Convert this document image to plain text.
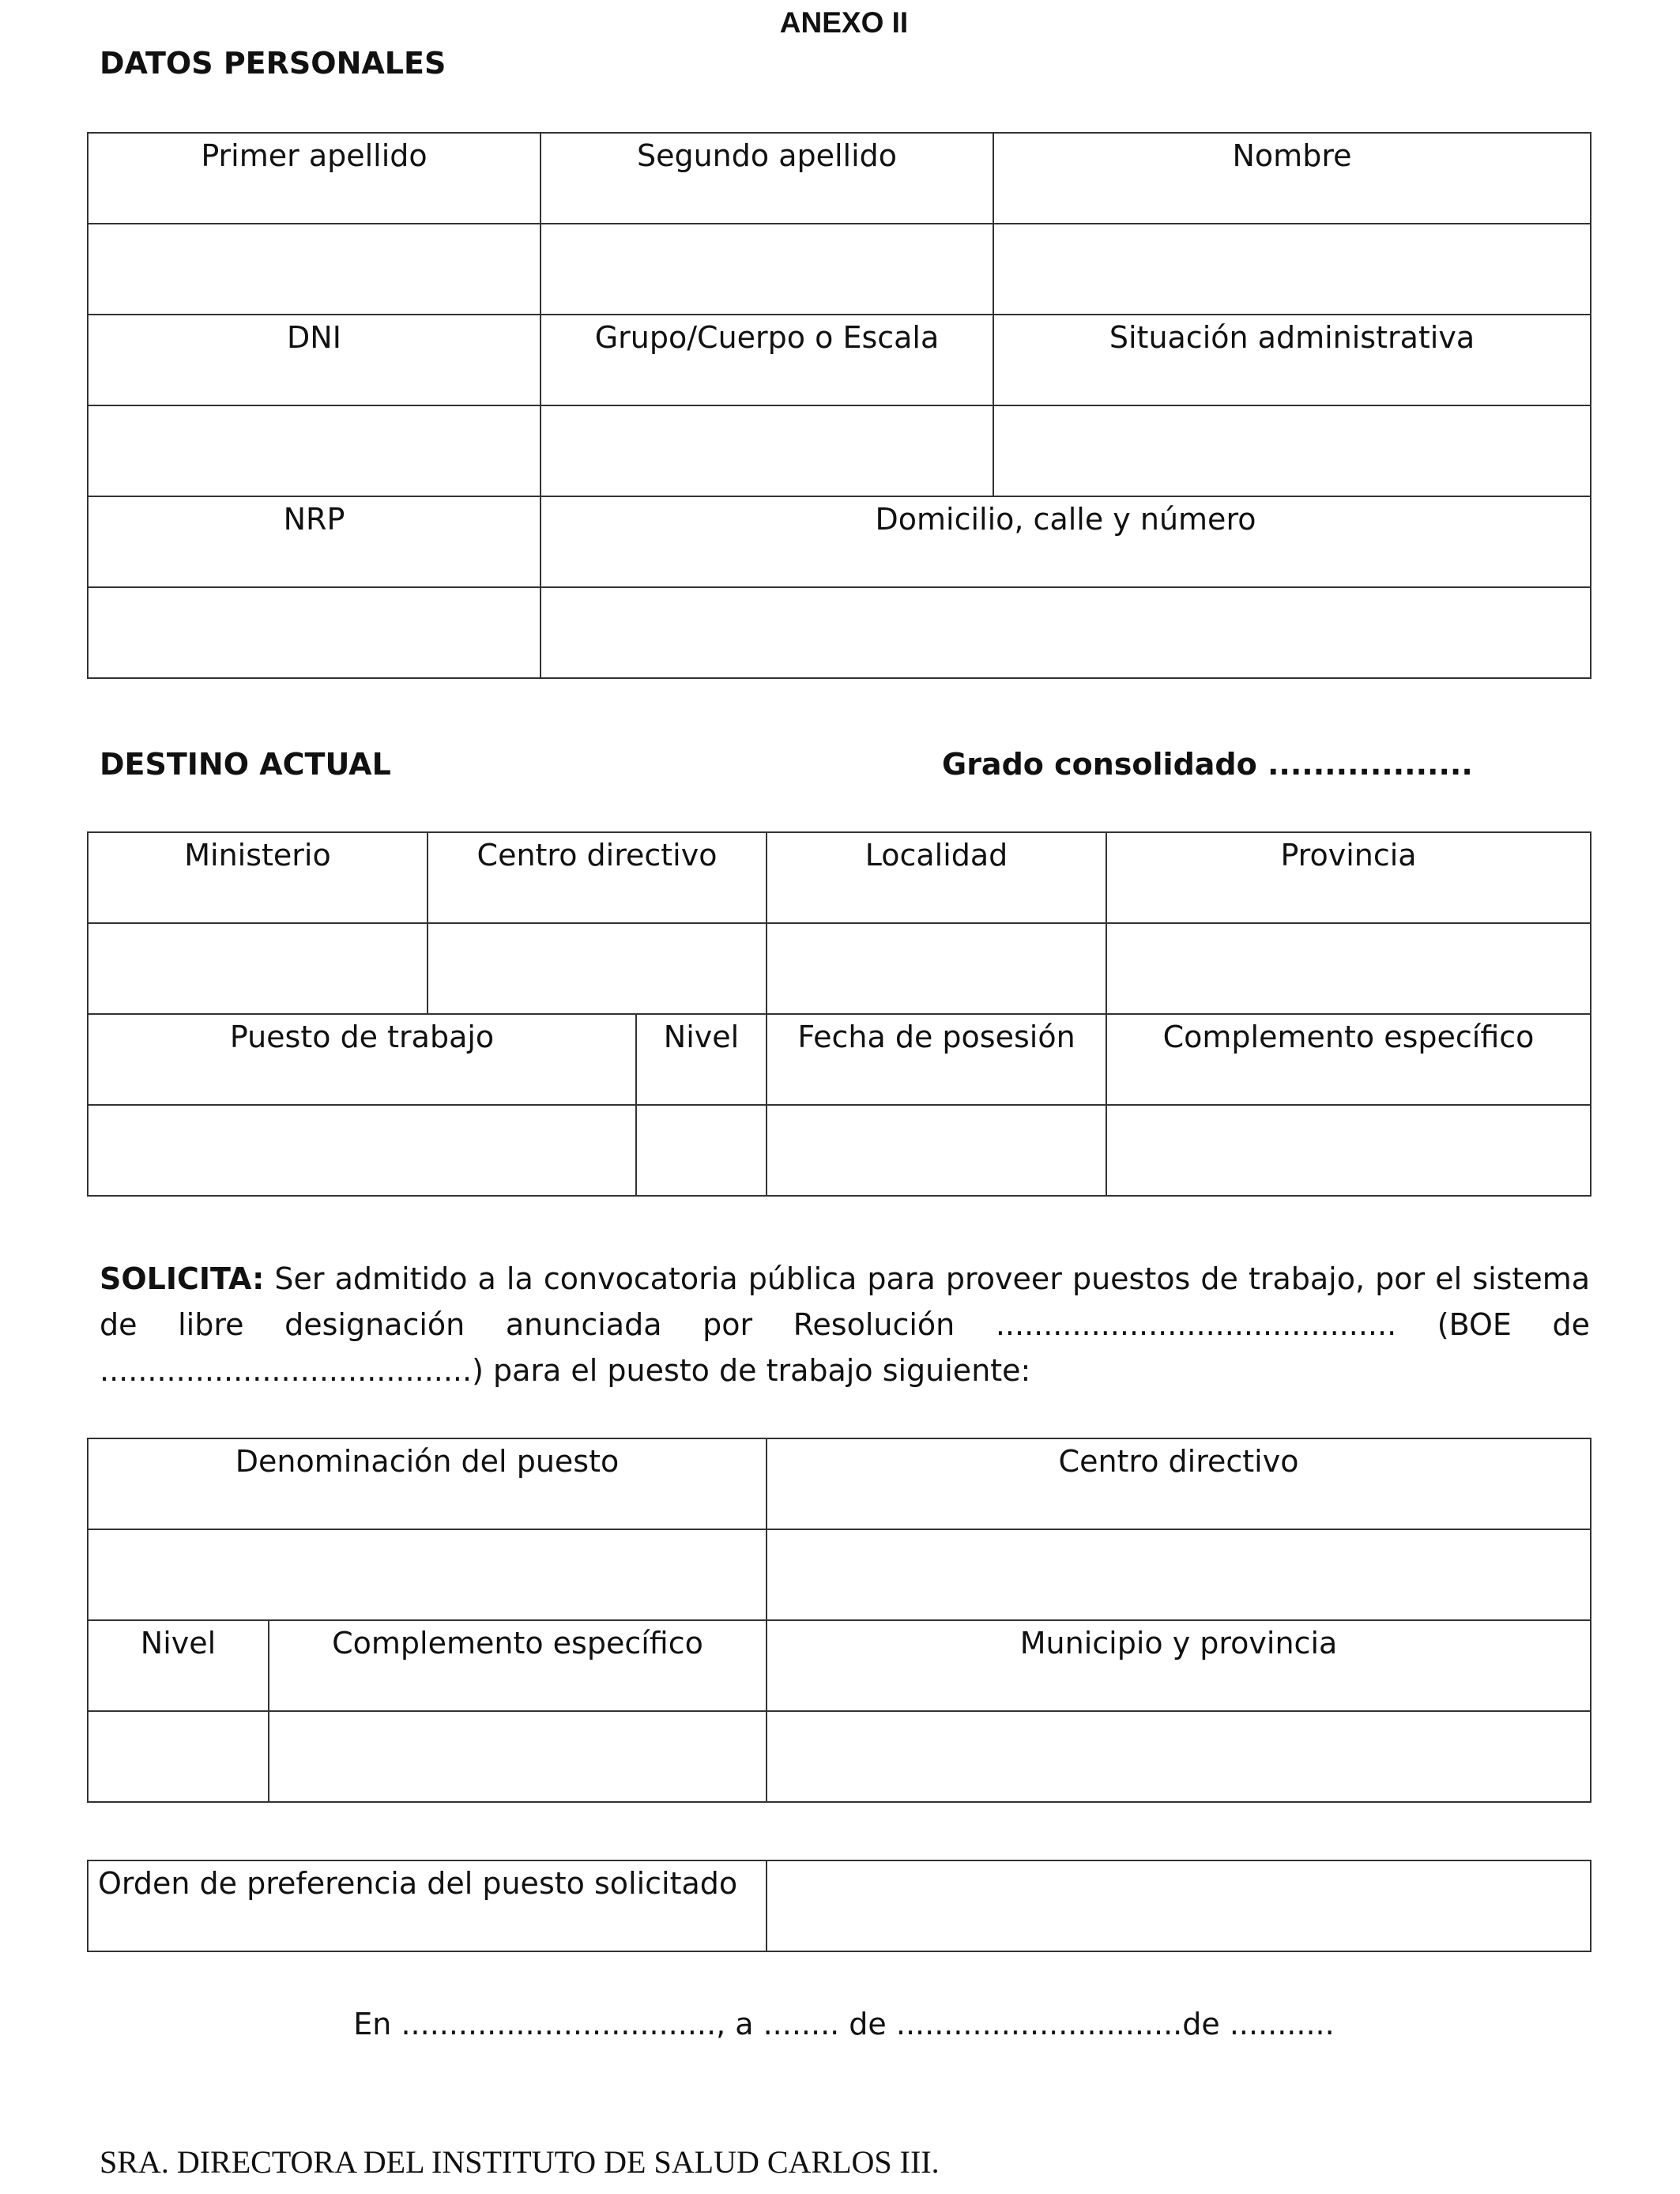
ANEXO II
DATOS PERSONALES
Primer apellido	Segundo apellido	Nombre

DNI	Grupo/Cuerpo o Escala	Situación administrativa

NRP	Domicilio, calle y número	

DESTINO ACTUAL	Grado consolidado ..................
Ministerio	Centro directivo		Localidad	Provincia

Puesto de trabajo		Nivel	Fecha de posesión	Complemento específico

SOLICITA: Ser admitido a la convocatoria pública para proveer puestos de trabajo, por el sistema de libre designación anunciada por Resolución .......................................... (BOE de .......................................) para el puesto de trabajo siguiente:
Denominación del puesto		Centro directivo

Nivel	Complemento específico	Municipio y provincia

Orden de preferencia del puesto solicitado	
En ................................., a ........ de ..............................de ...........
SRA. DIRECTORA DEL INSTITUTO DE SALUD CARLOS III.
